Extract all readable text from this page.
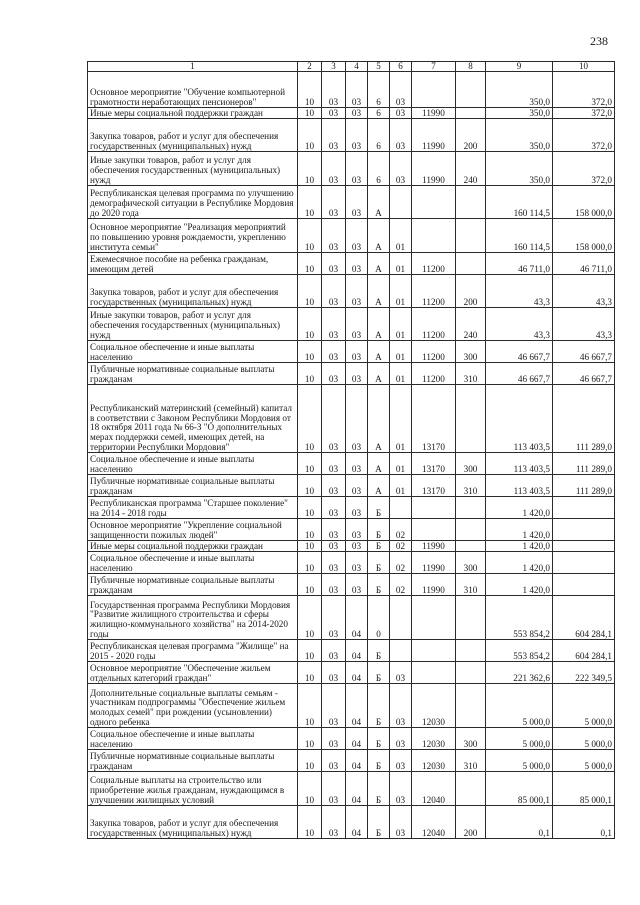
238
1	2	3	4	5	6	7	8	9	10
Основное мероприятие "Обучение компьютерной грамотности неработающих пенсионеров"	10	03	03	6	03			350,0	372,0
Иные меры социальной поддержки граждан	10	03	03	6	03	11990		350,0	372,0
Закупка товаров, работ и услуг для обеспечения государственных (муниципальных) нужд	10	03	03	6	03	11990	200	350,0	372,0
Иные закупки товаров, работ и услуг для обеспечения государственных (муниципальных) нужд	10	03	03	6	03	11990	240	350,0	372,0
Республиканская целевая программа по улучшению демографической ситуации в Республике Мордовия до 2020 года	10	03	03	А				160 114,5	158 000,0
Основное мероприятие "Реализация мероприятий по повышению уровня рождаемости, укреплению института семьи"	10	03	03	А	01			160 114,5	158 000,0
Ежемесячное пособие на ребенка гражданам, имеющим детей	10	03	03	А	01	11200		46 711,0	46 711,0
Закупка товаров, работ и услуг для обеспечения государственных (муниципальных) нужд	10	03	03	А	01	11200	200	43,3	43,3
Иные закупки товаров, работ и услуг для обеспечения государственных (муниципальных) нужд	10	03	03	А	01	11200	240	43,3	43,3
Социальное обеспечение и иные выплаты населению	10	03	03	А	01	11200	300	46 667,7	46 667,7
Публичные нормативные социальные выплаты гражданам	10	03	03	А	01	11200	310	46 667,7	46 667,7
Республиканский материнский (семейный) капитал в соответствии с Законом Республики Мордовия от 18 октября 2011 года № 66-З "О дополнительных мерах поддержки семей, имеющих детей, на территории Республики Мордовия"	10	03	03	А	01	13170		113 403,5	111 289,0
Социальное обеспечение и иные выплаты населению	10	03	03	А	01	13170	300	113 403,5	111 289,0
Публичные нормативные социальные выплаты гражданам	10	03	03	А	01	13170	310	113 403,5	111 289,0
Республиканская программа "Старшее поколение" на 2014 - 2018 годы	10	03	03	Б				1 420,0	
Основное мероприятие "Укрепление социальной защищенности пожилых людей"	10	03	03	Б	02			1 420,0	
Иные меры социальной поддержки граждан	10	03	03	Б	02	11990		1 420,0	
Социальное обеспечение и иные выплаты населению	10	03	03	Б	02	11990	300	1 420,0	
Публичные нормативные социальные выплаты гражданам	10	03	03	Б	02	11990	310	1 420,0	
Государственная программа Республики Мордовия "Развитие жилищного строительства и сферы жилищно-коммунального хозяйства" на 2014-2020 годы	10	03	04	0				553 854,2	604 284,1
Республиканская целевая программа "Жилище" на 2015 - 2020 годы	10	03	04	Б				553 854,2	604 284,1
Основное мероприятие "Обеспечение жильем отдельных категорий граждан"	10	03	04	Б	03			221 362,6	222 349,5
Дополнительные социальные выплаты семьям - участникам подпрограммы "Обеспечение жильем молодых семей" при рождении (усыновлении) одного ребенка	10	03	04	Б	03	12030		5 000,0	5 000,0
Социальное обеспечение и иные выплаты населению	10	03	04	Б	03	12030	300	5 000,0	5 000,0
Публичные нормативные социальные выплаты гражданам	10	03	04	Б	03	12030	310	5 000,0	5 000,0
Социальные выплаты на строительство или приобретение жилья гражданам, нуждающимся в улучшении жилищных условий	10	03	04	Б	03	12040		85 000,1	85 000,1
Закупка товаров, работ и услуг для обеспечения государственных (муниципальных) нужд	10	03	04	Б	03	12040	200	0,1	0,1
